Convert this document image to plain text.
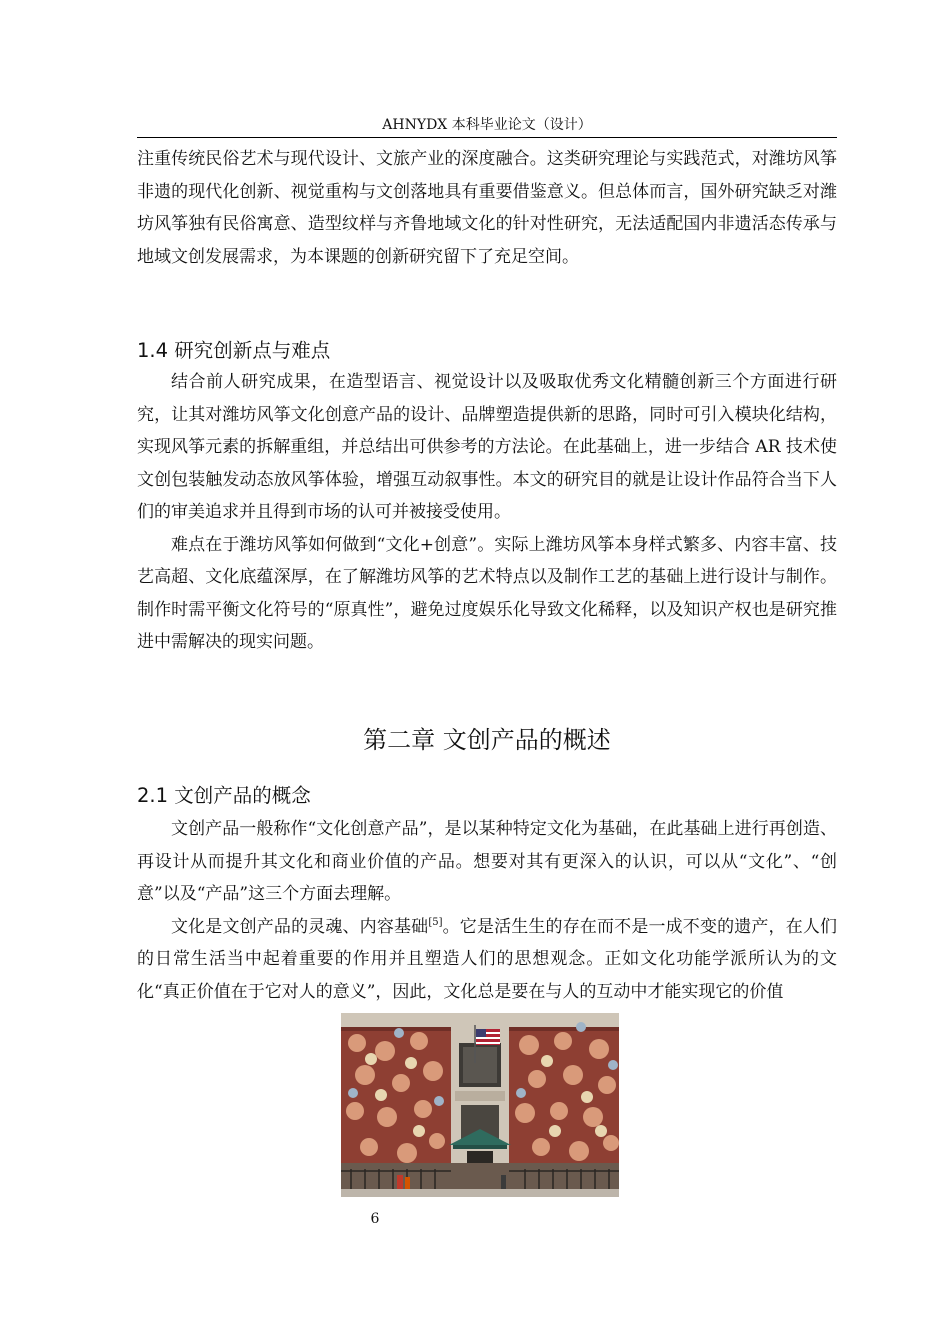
AHNYDX 本科毕业论文（设计）

注重传统民俗艺术与现代设计、文旅产业的深度融合。这类研究理论与实践范式，对潍坊风筝非遗的现代化创新、视觉重构与文创落地具有重要借鉴意义。但总体而言，国外研究缺乏对潍坊风筝独有民俗寓意、造型纹样与齐鲁地域文化的针对性研究，无法适配国内非遗活态传承与地域文创发展需求，为本课题的创新研究留下了充足空间。

1.4 研究创新点与难点

结合前人研究成果，在造型语言、视觉设计以及吸取优秀文化精髓创新三个方面进行研究，让其对潍坊风筝文化创意产品的设计、品牌塑造提供新的思路，同时可引入模块化结构，实现风筝元素的拆解重组，并总结出可供参考的方法论。在此基础上，进一步结合 AR 技术使文创包装触发动态放风筝体验，增强互动叙事性。本文的研究目的就是让设计作品符合当下人们的审美追求并且得到市场的认可并被接受使用。

难点在于潍坊风筝如何做到“文化+创意”。实际上潍坊风筝本身样式繁多、内容丰富、技艺高超、文化底蕴深厚，在了解潍坊风筝的艺术特点以及制作工艺的基础上进行设计与制作。制作时需平衡文化符号的“原真性”，避免过度娱乐化导致文化稀释，以及知识产权也是研究推进中需解决的现实问题。

第二章 文创产品的概述
2.1 文创产品的概念

文创产品一般称作“文化创意产品”，是以某种特定文化为基础，在此基础上进行再创造、再设计从而提升其文化和商业价值的产品。想要对其有更深入的认识，可以从“文化”、“创意”以及“产品”这三个方面去理解。

文化是文创产品的灵魂、内容基础[5]。它是活生生的存在而不是一成不变的遗产，在人们的日常生活当中起着重要的作用并且塑造人们的思想观念。正如文化功能学派所认为的文化“真正价值在于它对人的意义”，因此，文化总是要在与人的互动中才能实现它的价值

6
